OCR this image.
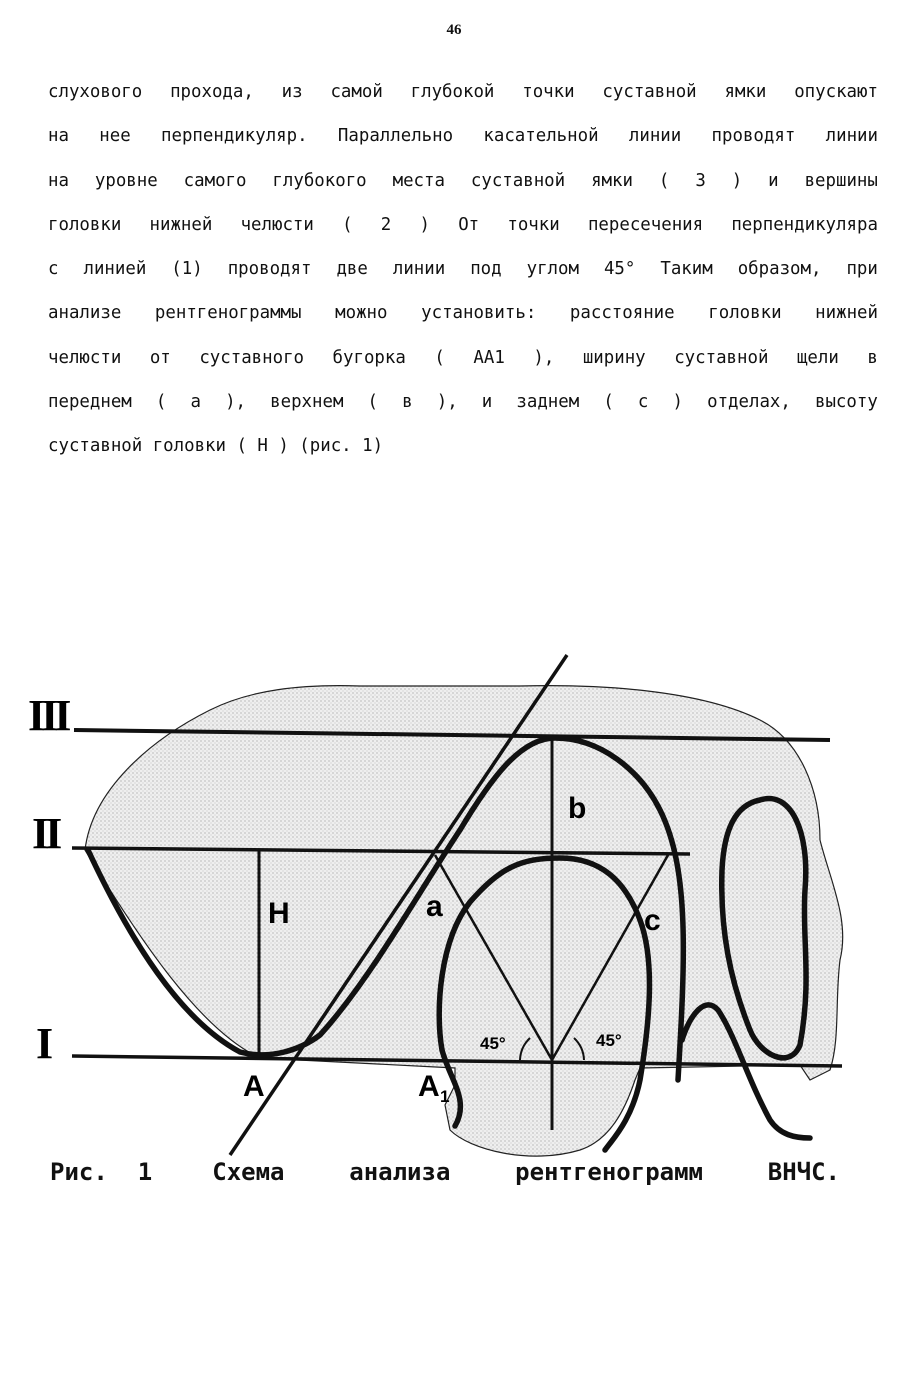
46
слухового прохода, из самой глубокой точки суставной ямки опускают
на нее перпендикуляр. Параллельно касательной линии проводят линии
на уровне самого глубокого места суставной ямки ( 3 ) и вершины
головки нижней челюсти ( 2 ) От точки пересечения перпендикуляра
с линией (1) проводят две линии под углом 45° Таким образом, при
анализе рентгенограммы можно установить: расстояние головки нижней
челюсти от суставного бугорка ( АА1 ), ширину суставной щели в
переднем ( а ), верхнем ( в ), и заднем ( с ) отделах, высоту
суставной головки ( Н ) (рис. 1)
III
II
I
H
b
a	c
A	A 1
45°	45°
Рис. 1	Схема	анализа	рентгенограмм	ВНЧС.
